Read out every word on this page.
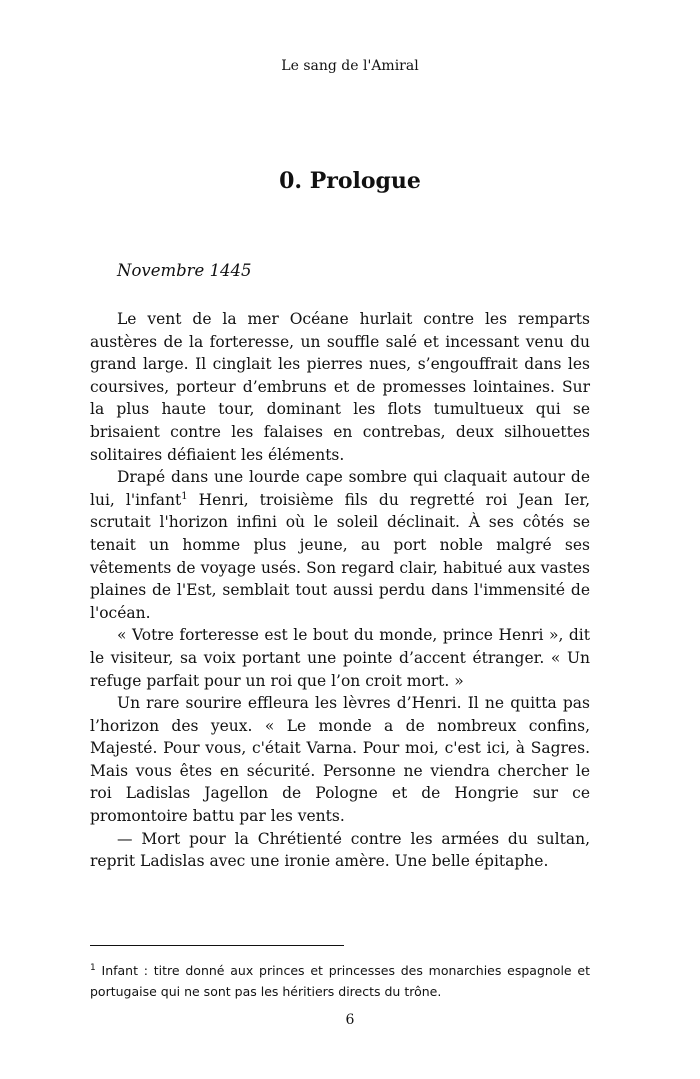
Le sang de l'Amiral
0. Prologue
Novembre 1445

Le vent de la mer Océane hurlait contre les remparts austères de la forteresse, un souffle salé et incessant venu du grand large. Il cinglait les pierres nues, s’engouffrait dans les coursives, porteur d’embruns et de promesses lointaines. Sur la plus haute tour, dominant les flots tumultueux qui se brisaient contre les falaises en contrebas, deux silhouettes solitaires défiaient les éléments.

Drapé dans une lourde cape sombre qui claquait autour de lui, l'infant$^1$ Henri, troisième fils du regretté roi Jean Ier, scrutait l'horizon infini où le soleil déclinait. À ses côtés se tenait un homme plus jeune, au port noble malgré ses vêtements de voyage usés. Son regard clair, habitué aux vastes plaines de l'Est, semblait tout aussi perdu dans l'immensité de l'océan.

« Votre forteresse est le bout du monde, prince Henri », dit le visiteur, sa voix portant une pointe d’accent étranger. « Un refuge parfait pour un roi que l’on croit mort. »

Un rare sourire effleura les lèvres d’Henri. Il ne quitta pas l’horizon des yeux. « Le monde a de nombreux confins, Majesté. Pour vous, c'était Varna. Pour moi, c'est ici, à Sagres. Mais vous êtes en sécurité. Personne ne viendra chercher le roi Ladislas Jagellon de Pologne et de Hongrie sur ce promontoire battu par les vents.

— Mort pour la Chrétienté contre les armées du sultan, reprit Ladislas avec une ironie amère. Une belle épitaphe.

$^1$ Infant : titre donné aux princes et princesses des monarchies espagnole et portugaise qui ne sont pas les héritiers directs du trône.
6
